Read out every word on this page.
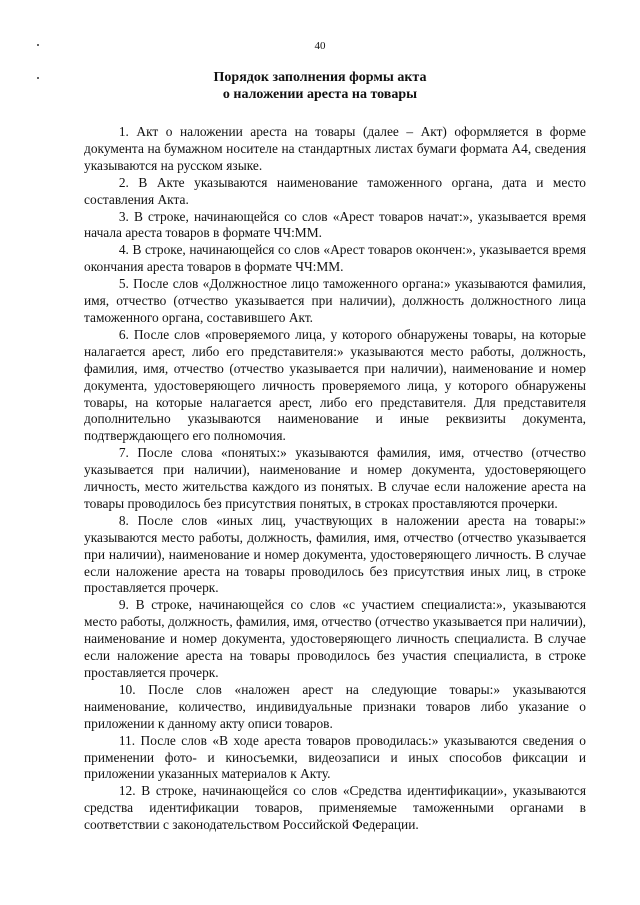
40
Порядок заполнения формы акта
о наложении ареста на товары

1. Акт о наложении ареста на товары (далее – Акт) оформляется в форме документа на бумажном носителе на стандартных листах бумаги формата А4, сведения указываются на русском языке.

2. В Акте указываются наименование таможенного органа, дата и место составления Акта.

3. В строке, начинающейся со слов «Арест товаров начат:», указывается время начала ареста товаров в формате ЧЧ:ММ.

4. В строке, начинающейся со слов «Арест товаров окончен:», указывается время окончания ареста товаров в формате ЧЧ:ММ.

5. После слов «Должностное лицо таможенного органа:» указываются фамилия, имя, отчество (отчество указывается при наличии), должность должностного лица таможенного органа, составившего Акт.

6. После слов «проверяемого лица, у которого обнаружены товары, на которые налагается арест, либо его представителя:» указываются место работы, должность, фамилия, имя, отчество (отчество указывается при наличии), наименование и номер документа, удостоверяющего личность проверяемого лица, у которого обнаружены товары, на которые налагается арест, либо его представителя. Для представителя дополнительно указываются наименование и иные реквизиты документа, подтверждающего его полномочия.

7. После слова «понятых:» указываются фамилия, имя, отчество (отчество указывается при наличии), наименование и номер документа, удостоверяющего личность, место жительства каждого из понятых. В случае если наложение ареста на товары проводилось без присутствия понятых, в строках проставляются прочерки.

8. После слов «иных лиц, участвующих в наложении ареста на товары:» указываются место работы, должность, фамилия, имя, отчество (отчество указывается при наличии), наименование и номер документа, удостоверяющего личность. В случае если наложение ареста на товары проводилось без присутствия иных лиц, в строке проставляется прочерк.

9. В строке, начинающейся со слов «с участием специалиста:», указываются место работы, должность, фамилия, имя, отчество (отчество указывается при наличии), наименование и номер документа, удостоверяющего личность специалиста. В случае если наложение ареста на товары проводилось без участия специалиста, в строке проставляется прочерк.

10. После слов «наложен арест на следующие товары:» указываются наименование, количество, индивидуальные признаки товаров либо указание о приложении к данному акту описи товаров.

11. После слов «В ходе ареста товаров проводилась:» указываются сведения о применении фото- и киносъемки, видеозаписи и иных способов фиксации и приложении указанных материалов к Акту.

12. В строке, начинающейся со слов «Средства идентификации», указываются средства идентификации товаров, применяемые таможенными органами в соответствии с законодательством Российской Федерации.
